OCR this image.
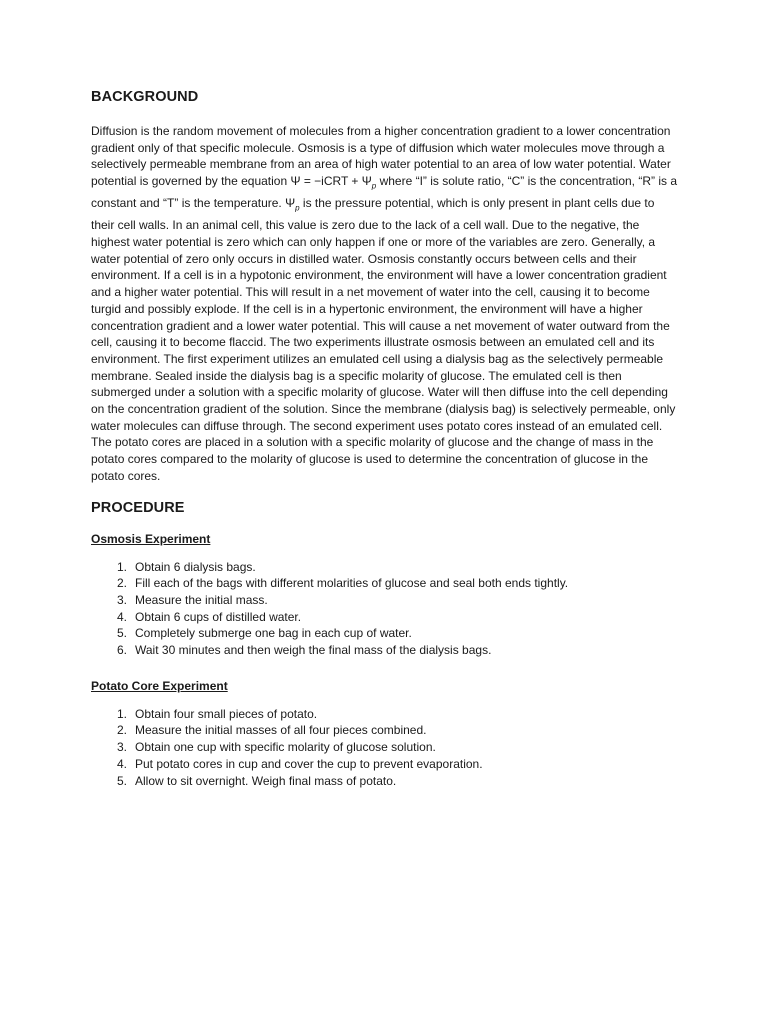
BACKGROUND

Diffusion is the random movement of molecules from a higher concentration gradient to a lower concentration gradient only of that specific molecule. Osmosis is a type of diffusion which water molecules move through a selectively permeable membrane from an area of high water potential to an area of low water potential. Water potential is governed by the equation Ψ = −iCRT + $\Psi_p$ where “I” is solute ratio, “C” is the concentration, “R” is a constant and “T” is the temperature. $\Psi_p$ is the pressure potential, which is only present in plant cells due to their cell walls. In an animal cell, this value is zero due to the lack of a cell wall. Due to the negative, the highest water potential is zero which can only happen if one or more of the variables are zero. Generally, a water potential of zero only occurs in distilled water. Osmosis constantly occurs between cells and their environment. If a cell is in a hypotonic environment, the environment will have a lower concentration gradient and a higher water potential. This will result in a net movement of water into the cell, causing it to become turgid and possibly explode. If the cell is in a hypertonic environment, the environment will have a higher concentration gradient and a lower water potential. This will cause a net movement of water outward from the cell, causing it to become flaccid. The two experiments illustrate osmosis between an emulated cell and its environment. The first experiment utilizes an emulated cell using a dialysis bag as the selectively permeable membrane. Sealed inside the dialysis bag is a specific molarity of glucose. The emulated cell is then submerged under a solution with a specific molarity of glucose. Water will then diffuse into the cell depending on the concentration gradient of the solution. Since the membrane (dialysis bag) is selectively permeable, only water molecules can diffuse through. The second experiment uses potato cores instead of an emulated cell. The potato cores are placed in a solution with a specific molarity of glucose and the change of mass in the potato cores compared to the molarity of glucose is used to determine the concentration of glucose in the potato cores.

PROCEDURE
Osmosis Experiment
1. Obtain 6 dialysis bags.
2. Fill each of the bags with different molarities of glucose and seal both ends tightly.
3. Measure the initial mass.
4. Obtain 6 cups of distilled water.
5. Completely submerge one bag in each cup of water.
6. Wait 30 minutes and then weigh the final mass of the dialysis bags.
Potato Core Experiment
1. Obtain four small pieces of potato.
2. Measure the initial masses of all four pieces combined.
3. Obtain one cup with specific molarity of glucose solution.
4. Put potato cores in cup and cover the cup to prevent evaporation.
5. Allow to sit overnight. Weigh final mass of potato.
